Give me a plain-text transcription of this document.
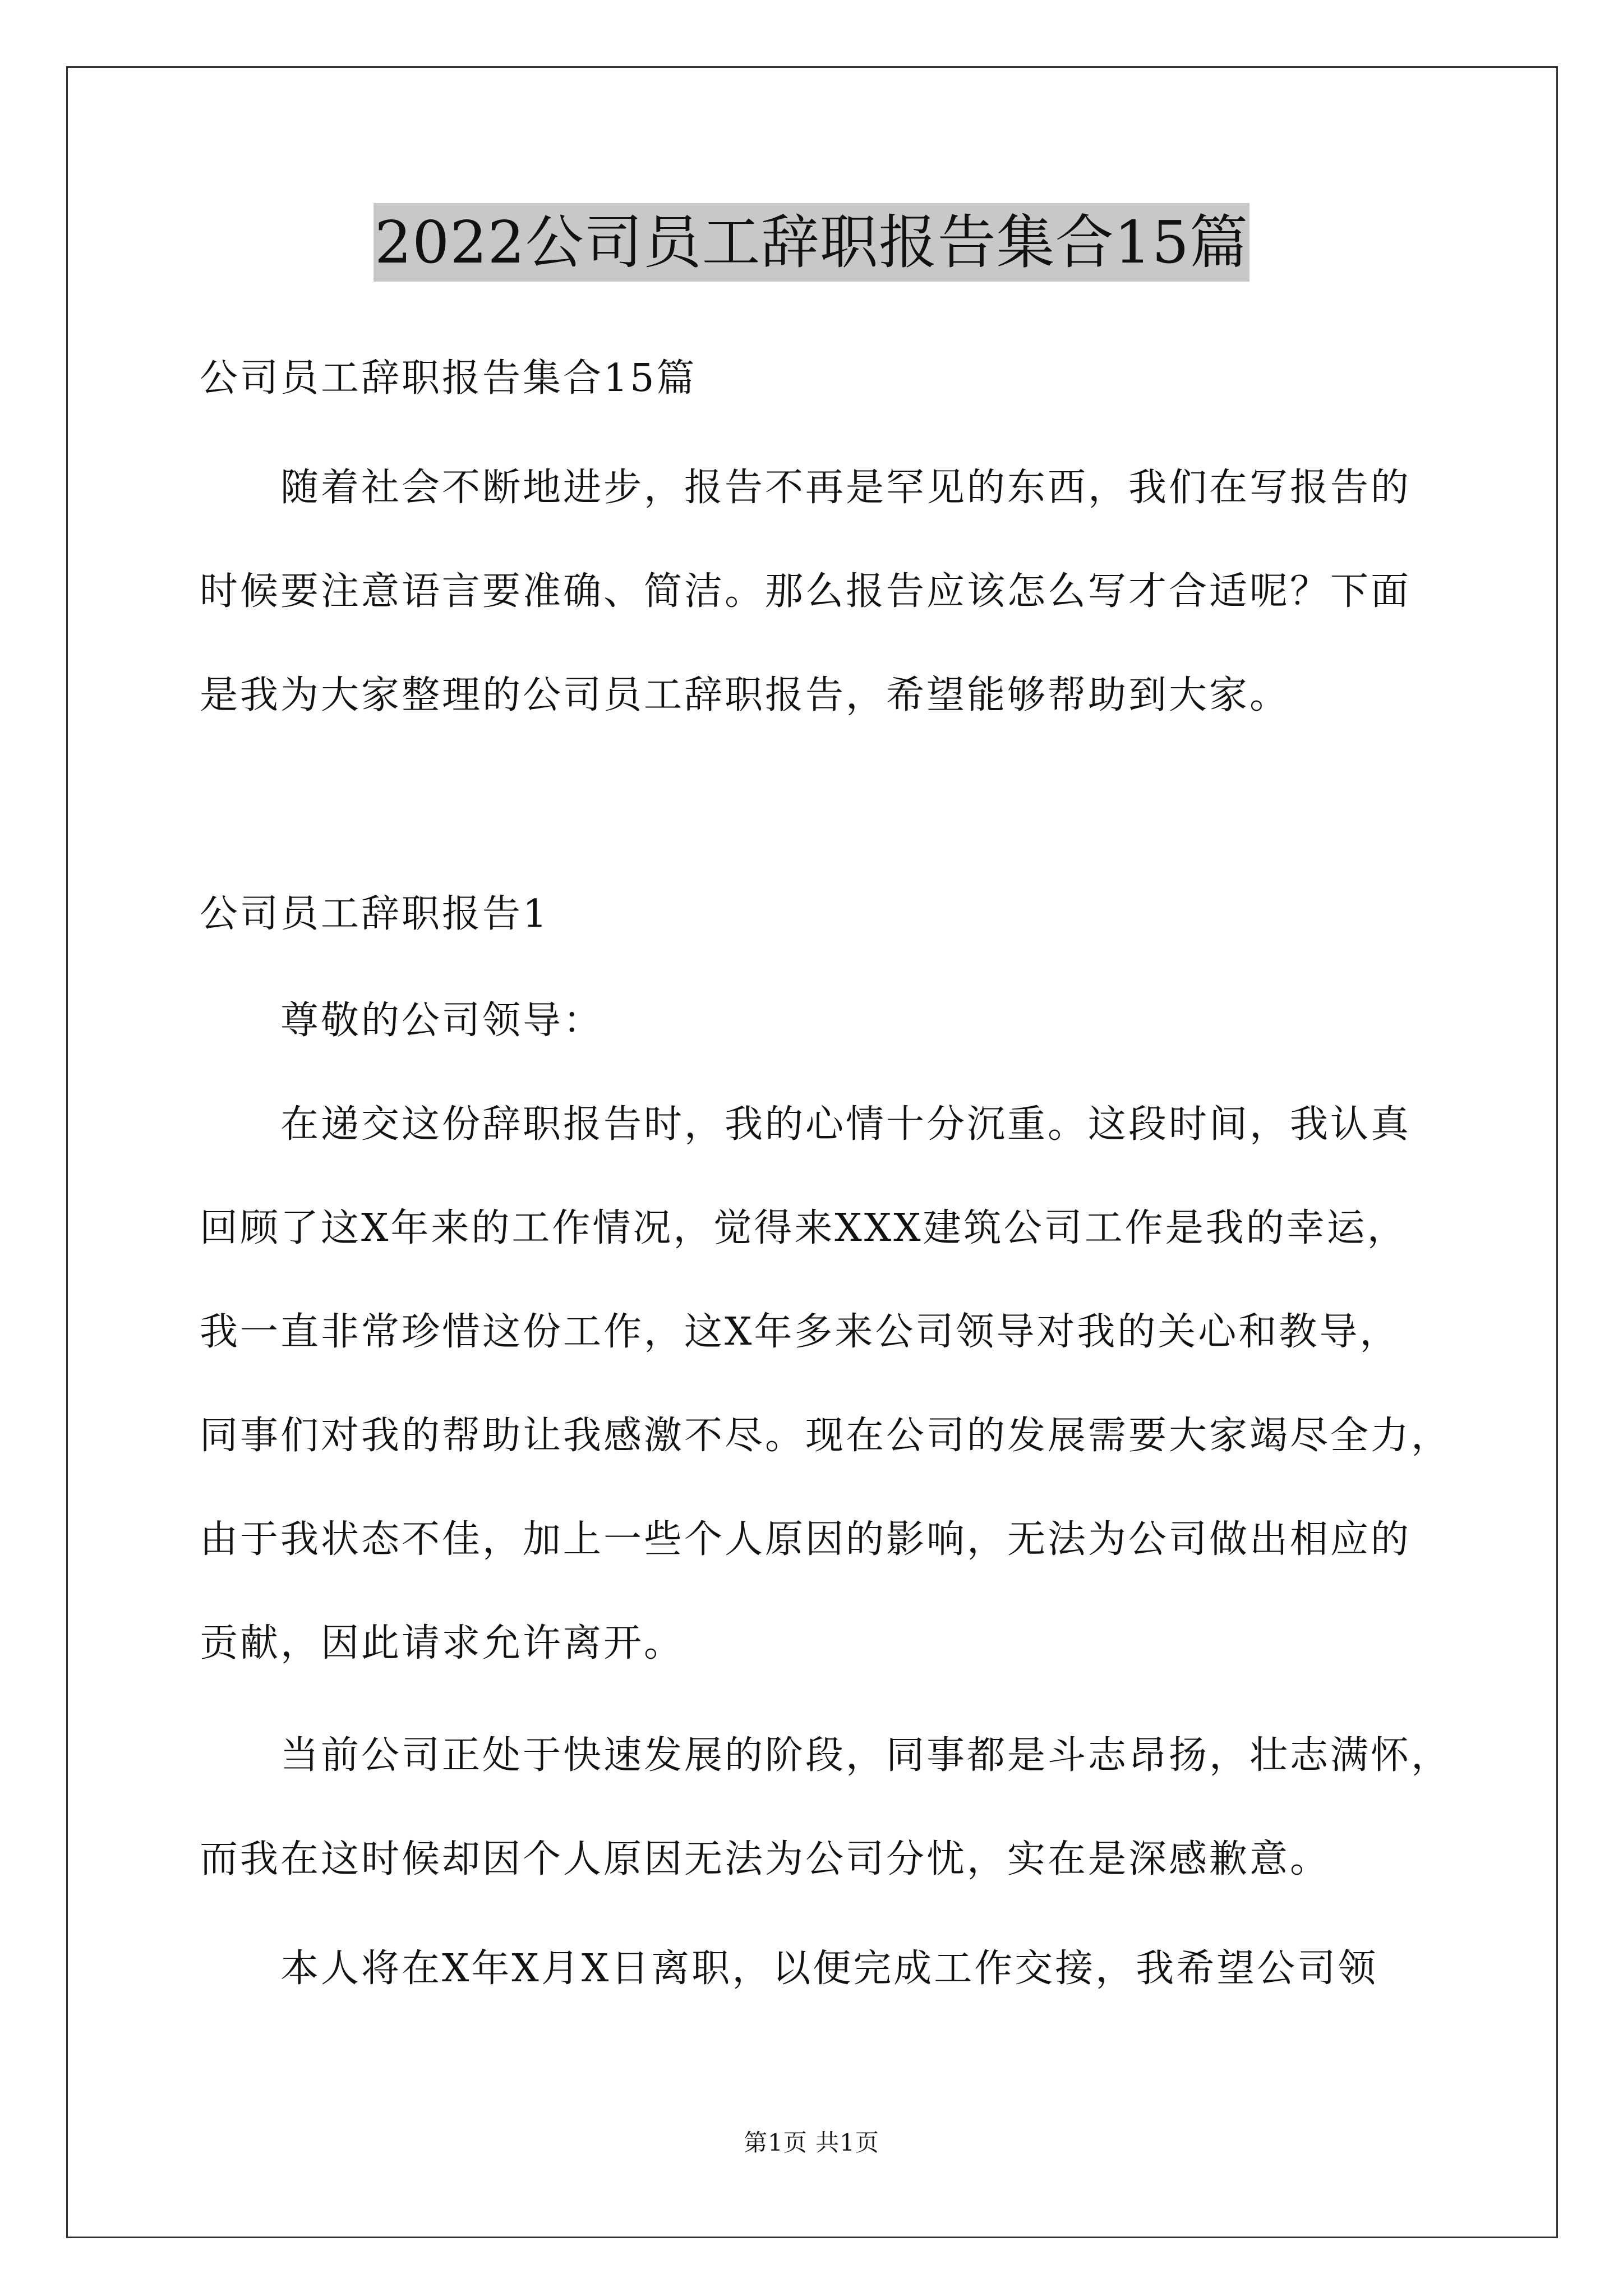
2022公司员工辞职报告集合15篇
公司员工辞职报告集合15篇
随着社会不断地进步，报告不再是罕见的东西，我们在写报告的
时候要注意语言要准确、简洁。那么报告应该怎么写才合适呢？下面
是我为大家整理的公司员工辞职报告，希望能够帮助到大家。
公司员工辞职报告1
尊敬的公司领导：
在递交这份辞职报告时，我的心情十分沉重。这段时间，我认真
回顾了这X年来的工作情况，觉得来XXX建筑公司工作是我的幸运，
我一直非常珍惜这份工作，这X年多来公司领导对我的关心和教导，
同事们对我的帮助让我感激不尽。现在公司的发展需要大家竭尽全力，
由于我状态不佳，加上一些个人原因的影响，无法为公司做出相应的
贡献，因此请求允许离开。
当前公司正处于快速发展的阶段，同事都是斗志昂扬，壮志满怀，
而我在这时候却因个人原因无法为公司分忧，实在是深感歉意。
本人将在X年X月X日离职，以便完成工作交接，我希望公司领
第1页 共1页
